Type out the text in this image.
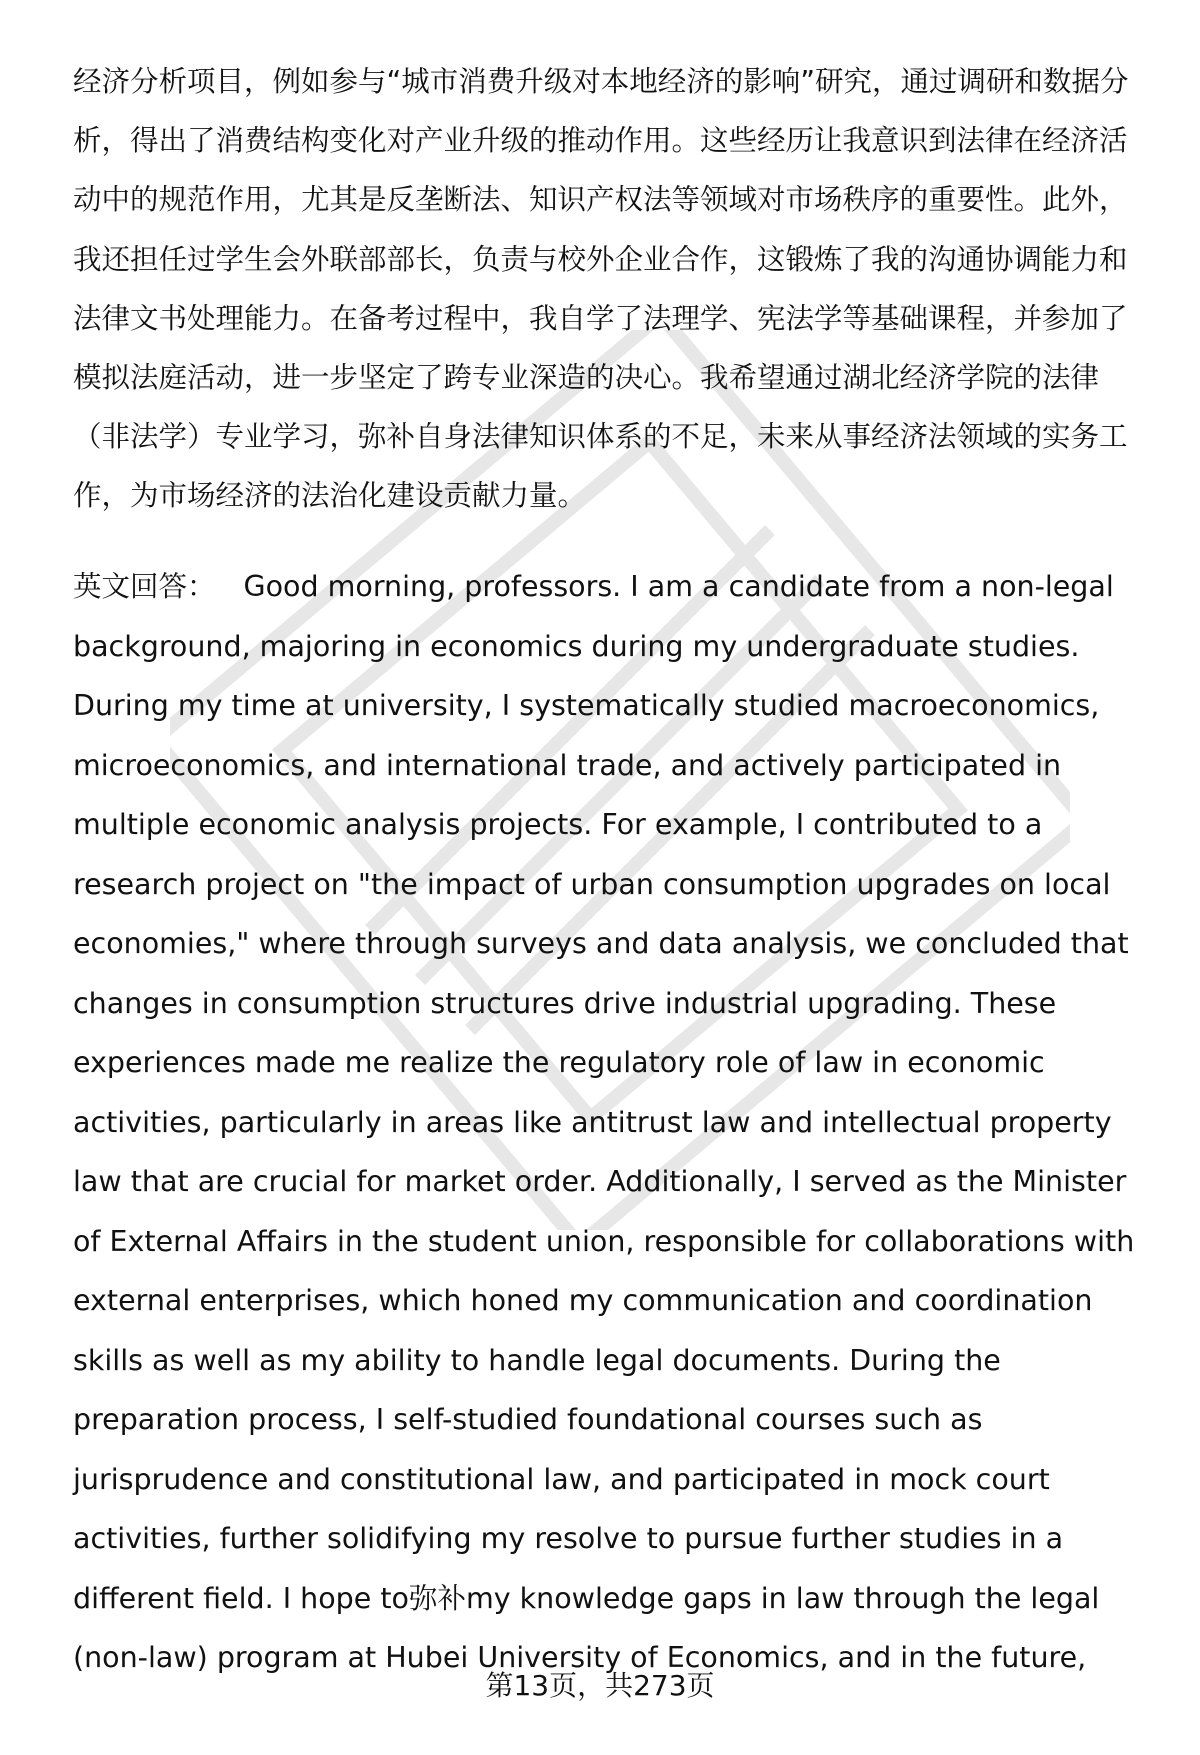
经济分析项目，例如参与“城市消费升级对本地经济的影响”研究，通过调研和数据分析，得出了消费结构变化对产业升级的推动作用。这些经历让我意识到法律在经济活动中的规范作用，尤其是反垄断法、知识产权法等领域对市场秩序的重要性。此外，我还担任过学生会外联部部长，负责与校外企业合作，这锻炼了我的沟通协调能力和法律文书处理能力。在备考过程中，我自学了法理学、宪法学等基础课程，并参加了模拟法庭活动，进一步坚定了跨专业深造的决心。我希望通过湖北经济学院的法律（非法学）专业学习，弥补自身法律知识体系的不足，未来从事经济法领域的实务工作，为市场经济的法治化建设贡献力量。

英文回答： Good morning, professors. I am a candidate from a non-legal background, majoring in economics during my undergraduate studies. During my time at university, I systematically studied macroeconomics, microeconomics, and international trade, and actively participated in multiple economic analysis projects. For example, I contributed to a research project on "the impact of urban consumption upgrades on local economies," where through surveys and data analysis, we concluded that changes in consumption structures drive industrial upgrading. These experiences made me realize the regulatory role of law in economic activities, particularly in areas like antitrust law and intellectual property law that are crucial for market order. Additionally, I served as the Minister of External Affairs in the student union, responsible for collaborations with external enterprises, which honed my communication and coordination skills as well as my ability to handle legal documents. During the preparation process, I self-studied foundational courses such as jurisprudence and constitutional law, and participated in mock court activities, further solidifying my resolve to pursue further studies in a different field. I hope to弥补my knowledge gaps in law through the legal (non-law) program at Hubei University of Economics, and in the future,

第13页，共273页
